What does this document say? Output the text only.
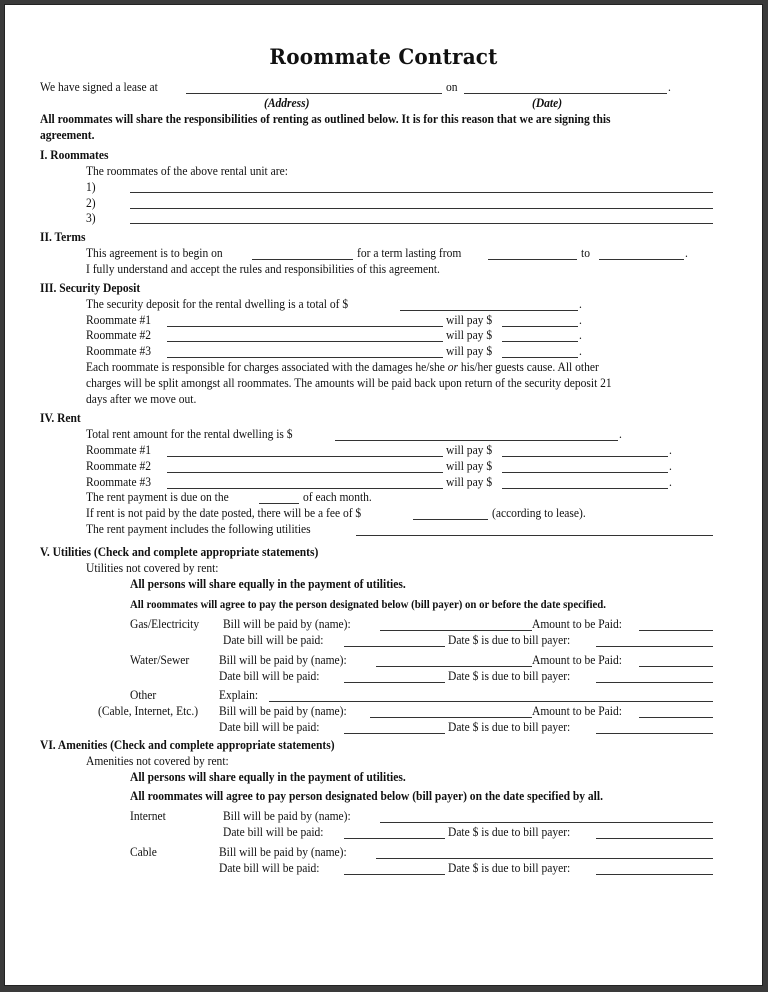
Roommate Contract
We have signed a lease at	on	.
(Address)	(Date)
All roommates will share the responsibilities of renting as outlined below. It is for this reason that we are signing this
agreement.
I. Roommates
The roommates of the above rental unit are:
1)
2)
3)
II. Terms
This agreement is to begin on	for a term lasting from	to	.
I fully understand and accept the rules and responsibilities of this agreement.
III. Security Deposit
The security deposit for the rental dwelling is a total of $	.
Roommate #1	will pay $	.
Roommate #2	will pay $	.
Roommate #3	will pay $	.
Each roommate is responsible for charges associated with the damages he/she or his/her guests cause. All other
charges will be split amongst all roommates. The amounts will be paid back upon return of the security deposit 21
days after we move out.
IV. Rent
Total rent amount for the rental dwelling is $	.
Roommate #1	will pay $	.
Roommate #2	will pay $	.
Roommate #3	will pay $	.
The rent payment is due on the	of each month.
If rent is not paid by the date posted, there will be a fee of $	(according to lease).
The rent payment includes the following utilities
V. Utilities (Check and complete appropriate statements)
Utilities not covered by rent:
All persons will share equally in the payment of utilities.
All roommates will agree to pay the person designated below (bill payer) on or before the date specified.
Gas/Electricity Bill will be paid by (name):	Amount to be Paid:
Date bill will be paid:	Date $ is due to bill payer:
Water/Sewer Bill will be paid by (name):	Amount to be Paid:
Date bill will be paid:	Date $ is due to bill payer:
Other
(Cable, Internet, Etc.)
Explain:
Bill will be paid by (name):	Amount to be Paid:
Date bill will be paid:	Date $ is due to bill payer:
VI. Amenities (Check and complete appropriate statements)
Amenities not covered by rent:
All persons will share equally in the payment of utilities.
All roommates will agree to pay person designated below (bill payer) on the date specified by all.
Internet	Bill will be paid by (name):
Date bill will be paid:	Date $ is due to bill payer:
Cable	Bill will be paid by (name):
Date bill will be paid:	Date $ is due to bill payer:
